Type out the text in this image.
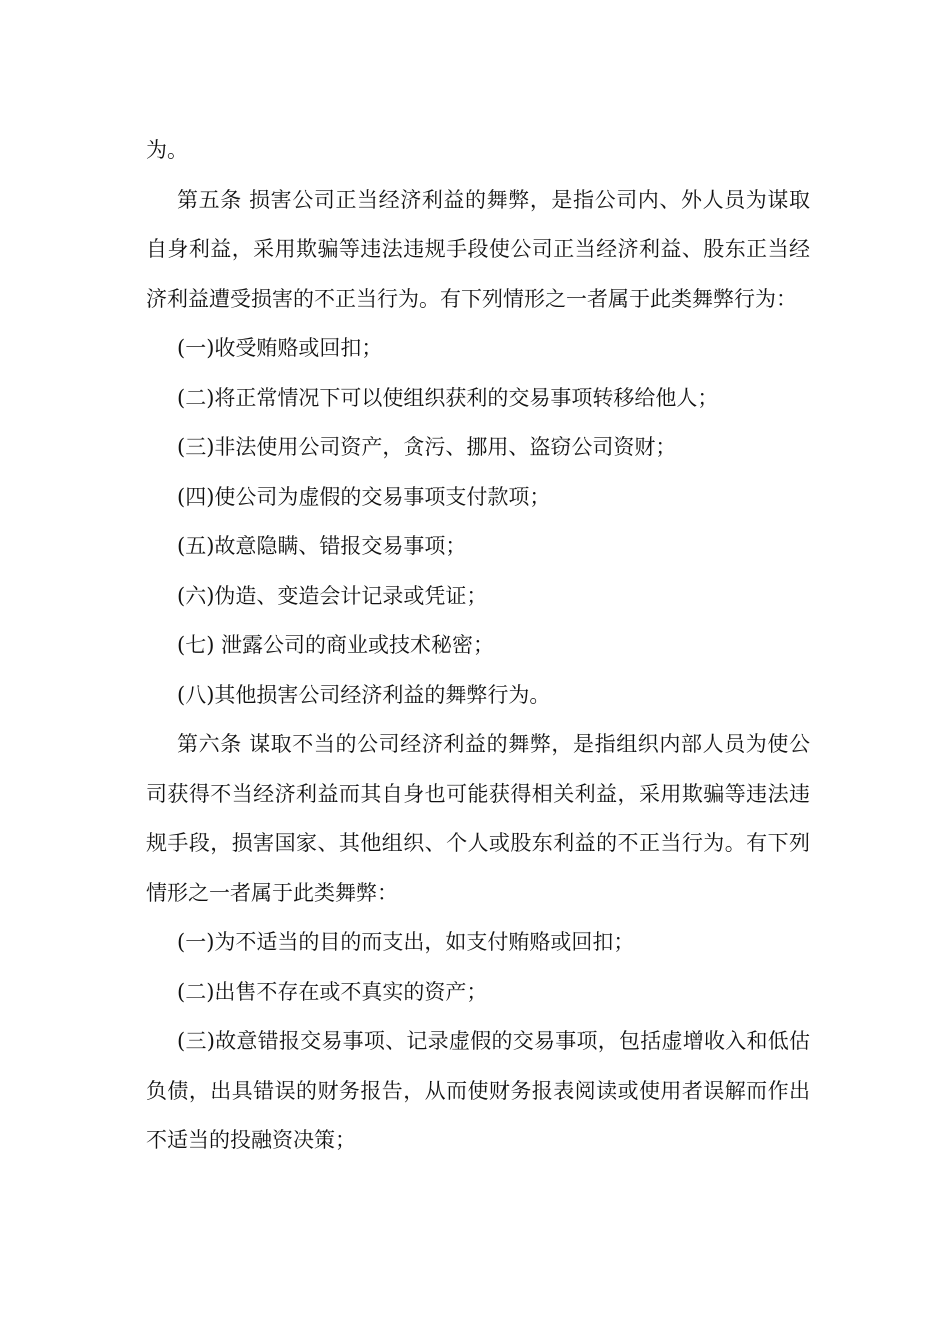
为。

第五条 损害公司正当经济利益的舞弊，是指公司内、外人员为谋取自身利益，采用欺骗等违法违规手段使公司正当经济利益、股东正当经济利益遭受损害的不正当行为。有下列情形之一者属于此类舞弊行为：

(一)收受贿赂或回扣；

(二)将正常情况下可以使组织获利的交易事项转移给他人；

(三)非法使用公司资产，贪污、挪用、盗窃公司资财；

(四)使公司为虚假的交易事项支付款项；

(五)故意隐瞒、错报交易事项；

(六)伪造、变造会计记录或凭证；

(七) 泄露公司的商业或技术秘密；

(八)其他损害公司经济利益的舞弊行为。

第六条 谋取不当的公司经济利益的舞弊，是指组织内部人员为使公司获得不当经济利益而其自身也可能获得相关利益，采用欺骗等违法违规手段，损害国家、其他组织、个人或股东利益的不正当行为。有下列情形之一者属于此类舞弊：

(一)为不适当的目的而支出，如支付贿赂或回扣；

(二)出售不存在或不真实的资产；

(三)故意错报交易事项、记录虚假的交易事项，包括虚增收入和低估负债，出具错误的财务报告，从而使财务报表阅读或使用者误解而作出不适当的投融资决策；
